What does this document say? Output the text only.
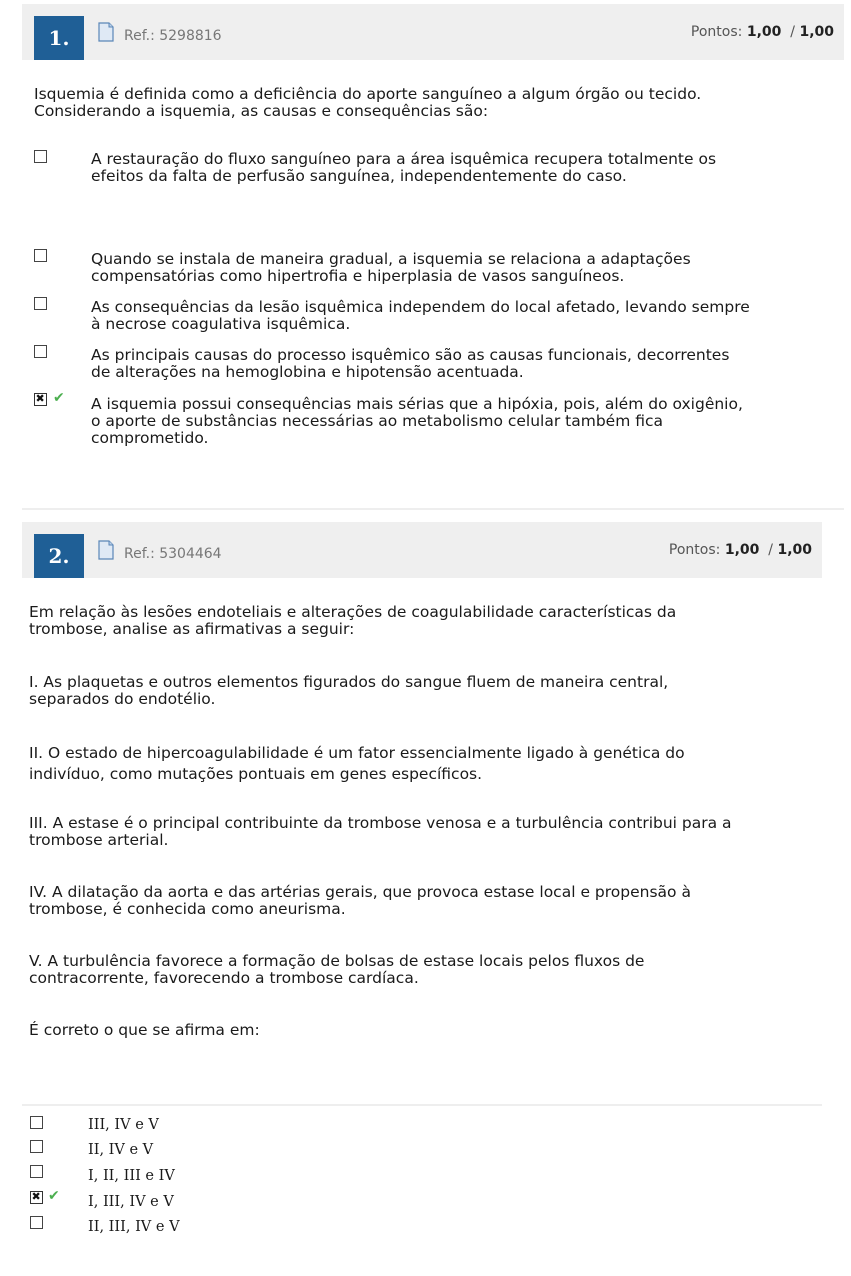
1.	Ref.: 5298816	Pontos: 1,00 / 1,00
Isquemia é definida como a deficiência do aporte sanguíneo a algum órgão ou tecido.
Considerando a isquemia, as causas e consequências são:
A restauração do fluxo sanguíneo para a área isquêmica recupera totalmente os
efeitos da falta de perfusão sanguínea, independentemente do caso.
Quando se instala de maneira gradual, a isquemia se relaciona a adaptações
compensatórias como hipertrofia e hiperplasia de vasos sanguíneos.
As consequências da lesão isquêmica independem do local afetado, levando sempre
à necrose coagulativa isquêmica.
As principais causas do processo isquêmico são as causas funcionais, decorrentes
de alterações na hemoglobina e hipotensão acentuada.
✖
✔ A isquemia possui consequências mais sérias que a hipóxia, pois, além do oxigênio,
o aporte de substâncias necessárias ao metabolismo celular também fica
comprometido.
2.	Ref.: 5304464	Pontos: 1,00 / 1,00
Em relação às lesões endoteliais e alterações de coagulabilidade características da
trombose, analise as afirmativas a seguir:
I. As plaquetas e outros elementos figurados do sangue fluem de maneira central,
separados do endotélio.
II. O estado de hipercoagulabilidade é um fator essencialmente ligado à genética do
indivíduo, como mutações pontuais em genes específicos.
III. A estase é o principal contribuinte da trombose venosa e a turbulência contribui para a
trombose arterial.
IV. A dilatação da aorta e das artérias gerais, que provoca estase local e propensão à
trombose, é conhecida como aneurisma.
V. A turbulência favorece a formação de bolsas de estase locais pelos fluxos de
contracorrente, favorecendo a trombose cardíaca.
É correto o que se afirma em:
III, IV e V
II, IV e V
I, II, III e IV
✖
✔ I, III, IV e V
II, III, IV e V
